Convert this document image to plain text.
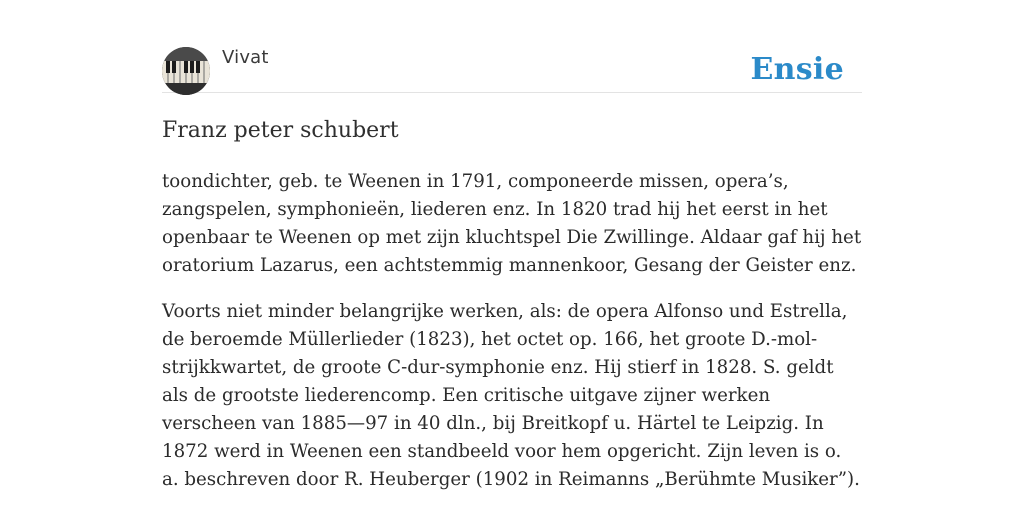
Vivat	Ensie
Franz peter schubert

toondichter, geb. te Weenen in 1791, componeerde missen, opera’s, zangspelen, symphonieën, liederen enz. In 1820 trad hij het eerst in het openbaar te Weenen op met zijn kluchtspel Die Zwillinge. Aldaar gaf hij het oratorium Lazarus, een achtstemmig mannenkoor, Gesang der Geister enz.

Voorts niet minder belangrijke werken, als: de opera Alfonso und Estrella, de beroemde Müllerlieder (1823), het octet op. 166, het groote D.-mol-strijkkwartet, de groote C-dur-symphonie enz. Hij stierf in 1828. S. geldt als de grootste liederencomp. Een critische uitgave zijner werken verscheen van 1885—97 in 40 dln., bij Breitkopf u. Härtel te Leipzig. In 1872 werd in Weenen een standbeeld voor hem opgericht. Zijn leven is o. a. beschreven door R. Heuberger (1902 in Reimanns „Berühmte Musiker”).
